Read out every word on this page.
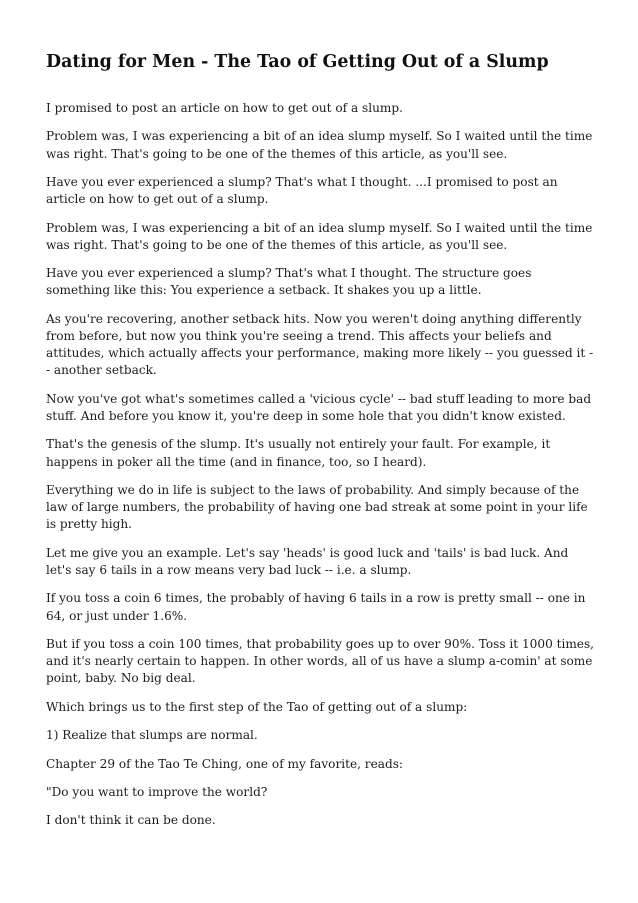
Dating for Men - The Tao of Getting Out of a Slump

I promised to post an article on how to get out of a slump.

Problem was, I was experiencing a bit of an idea slump myself. So I waited until the time was right. That's going to be one of the themes of this article, as you'll see.

Have you ever experienced a slump? That's what I thought. ...I promised to post an article on how to get out of a slump.

Problem was, I was experiencing a bit of an idea slump myself. So I waited until the time was right. That's going to be one of the themes of this article, as you'll see.

Have you ever experienced a slump? That's what I thought. The structure goes something like this: You experience a setback. It shakes you up a little.

As you're recovering, another setback hits. Now you weren't doing anything differently from before, but now you think you're seeing a trend. This affects your beliefs and attitudes, which actually affects your performance, making more likely -- you guessed it -- another setback.

Now you've got what's sometimes called a 'vicious cycle' -- bad stuff leading to more bad stuff. And before you know it, you're deep in some hole that you didn't know existed.

That's the genesis of the slump. It's usually not entirely your fault. For example, it happens in poker all the time (and in finance, too, so I heard).

Everything we do in life is subject to the laws of probability. And simply because of the law of large numbers, the probability of having one bad streak at some point in your life is pretty high.

Let me give you an example. Let's say 'heads' is good luck and 'tails' is bad luck. And let's say 6 tails in a row means very bad luck -- i.e. a slump.

If you toss a coin 6 times, the probably of having 6 tails in a row is pretty small -- one in 64, or just under 1.6%.

But if you toss a coin 100 times, that probability goes up to over 90%. Toss it 1000 times, and it's nearly certain to happen. In other words, all of us have a slump a-comin' at some point, baby. No big deal.

Which brings us to the first step of the Tao of getting out of a slump:

1) Realize that slumps are normal.

Chapter 29 of the Tao Te Ching, one of my favorite, reads:

"Do you want to improve the world?

I don't think it can be done.
